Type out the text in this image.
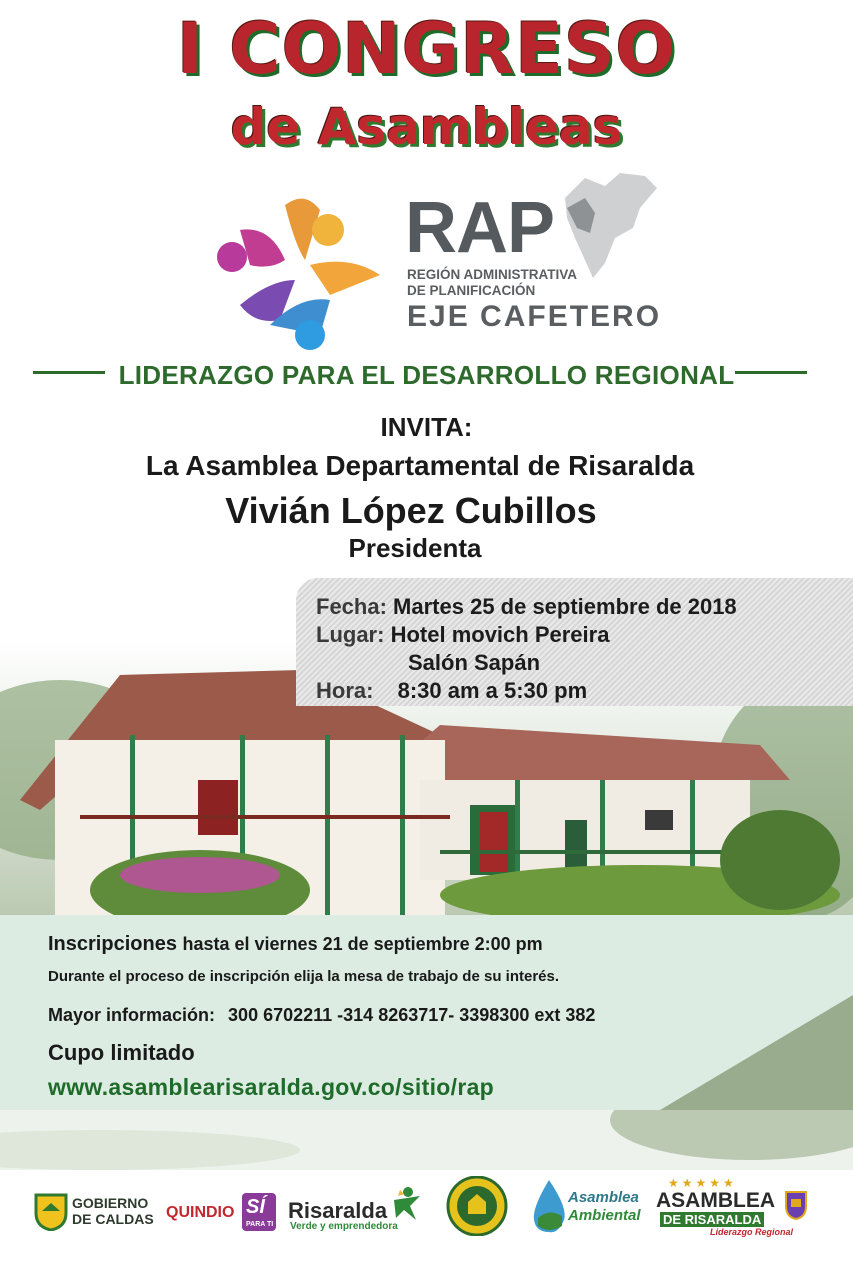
I CONGRESO
de Asambleas
RAP
REGIÓN ADMINISTRATIVA
DE PLANIFICACIÓN
EJE CAFETERO
LIDERAZGO PARA EL DESARROLLO REGIONAL
INVITA:
La Asamblea Departamental de Risaralda
Vivián López Cubillos
Presidenta
Fecha: Martes 25 de septiembre de 2018
Lugar: Hotel movich Pereira
Salón Sapán
Hora: 8:30 am a 5:30 pm
Inscripciones hasta el viernes 21 de septiembre 2:00 pm
Durante el proceso de inscripción elija la mesa de trabajo de su interés.
Mayor información: 300 6702211 -314 8263717- 3398300 ext 382
Cupo limitado
www.asamblearisaralda.gov.co/sitio/rap
GOBIERNO
DE CALDAS QUINDIO SÍ
PARA TI
Risaralda
Verde y emprendedora
Asamblea
Ambiental
★★★★★
ASAMBLEA
DE RISARALDA
Liderazgo Regional
